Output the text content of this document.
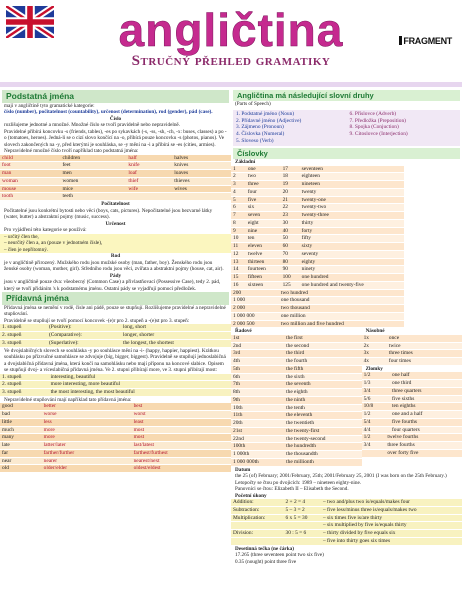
angličtina
Stručný přehled gramatiky
FRAGMENT
Podstatná jména
mají v angličtině tyto gramatické kategorie:
číslo (number), počitatelnost (countability), určenost (determination), rod (gender), pád (case).
Číslo
rozlišujeme jednotné a množné. Množné číslo se tvoří pravidelně nebo nepravidelně.
Pravidelné přibírá koncovku -s (friends, tables), -es po sykavkách (-s, -ss, -sh, -ch, -x: buses, classes) a po -o (tomatoes, heroes). Jedná-li se o cizí slovo končící na -o, přibírá pouze koncovku -s (photos, pianos). Ve slovech zakončených na -y, před kterými je souhláska, se -y mění na -i a přibírá se -es (cities, armies).
Nepravidelné množné číslo tvoří například tato podstatná jména:
child	children	half	halves
foot	feet	knife	knives
man	men	loaf	loaves
woman	women	thief	thieves
mouse	mice	wife	wives
tooth	teeth		
Počitatelnost
Počitatelné jsou konkrétní bytosti nebo věci (boys, cats, pictures). Nepočitatelné jsou bezvarné látky (water, butter) a abstraktní pojmy (music, success).
Určenost
Pro vyjádření této kategorie se používá:
– určitý člen the,
– neurčitý člen a, an (pouze v jednotném čísle),
– člen je nepřítomný.
Rod
je v angličtině přirozený. Mužského rodu jsou mužské osoby (man, father, boy). Ženského rodu jsou ženské osoby (woman, mother, girl). Středního rodu jsou věci, zvířata a abstraktní pojmy (house, cat, air).
Pády
jsou v angličtině pouze dva: všeobecný (Common Case) a přivlastňovací (Possessive Case), tedy 2. pád, který se tvoří přidáním 's k podstatnému jménu. Ostatní pády se vyjadřují pomocí předložek.
Přídavná jména
Přídavná jména se nemění v rodě, čísle ani pádě, pouze se stupňují. Rozlišujeme pravidelné a nepravidelné stupňování.
Pravidelně se stupňují se tvoří pomocí koncovek -(e)r pro 2. stupeň a -(e)st pro 3. stupeň:
1. stupeň	(Positive):	long, short
2. stupeň	(Comparative):	longer, shorter
3. stupeň	(Superlative):	the longest, the shortest
Ve dvojslabičných slovech se souhláska -y po souhlásce mění na -i- (happy, happier, happiest). Krátkou souhlásku po přízvučné samohlásce se zdvojuje (big, bigger, biggest). Pravidelně se stupňují jednoslabičná a dvojslabičná přídavná jména, která končí na samohlásku nebo mají příponu na koncové slabice. Opisem se stupňují dvoj- a víceslabičná přídavná jména. Ve 2. stupni přibírají more, ve 3. stupni přibírají most:
1. stupeň	interesting, beautiful
2. stupeň	more interesting, more beautiful
3. stupeň	the most interesting, the most beautiful
Nepravidelné stupňování mají například tato přídavná jména:
good	better	best
bad	worse	worst
little	less	least
much	more	most
many	more	most
late	latter/later	last/latest
far	farther/further	farthest/furthest
near	nearer	nearest/next
old	older/elder	oldest/eldest
Angličtina má následující slovní druhy
(Parts of Speech)
1. Podstatné jméno (Noun)
2. Přídavné jméno (Adjective)
3. Zájmeno (Pronoun)
4. Číslovka (Numeral)
5. Sloveso (Verb)
6. Příslovce (Adverb)
7. Předložka (Preposition)
8. Spojka (Conjuction)
9. Citoslovce (Interjection)
Číslovky
Základní
1	one	17	seventeen
2	two	18	eighteen
3	three	19	nineteen
4	four	20	twenty
5	five	21	twenty-one
6	six	22	twenty-two
7	seven	23	twenty-three
8	eight	30	thirty
9	nine	40	forty
10	ten	50	fifty
11	eleven	60	sixty
12	twelve	70	seventy
13	thirteen	80	eighty
14	fourteen	90	ninety
15	fifteen	100	one hundred
16	sixteen	125	one hundred and twenty-five
200	two hundred
1 000	one thousand
2 000	two thousand
1 000 000	one million
2 000 500	two million and five hundred
Řadové
1st	the first
2nd	the second
3rd	the third
4th	the fourth
5th	the fifth
6th	the sixth
7th	the seventh
8th	the eighth
9th	the ninth
10th	the tenth
11th	the eleventh
20th	the twentieth
21st	the twenty-first
22nd	the twenty-second
100th	the hundredth
1 000th	the thousandth
1 000 000th	the millionth
Násobné
1x	once
2x	twice
3x	three times
4x	four times
Zlomky
1/2	one half
1/3	one third
3/4	three quarters
5/6	five sixths
10/8	ten eighths
1/2	one and a half
5/4	five fourths
4/4	four quarters
1/2	twelve fourths
3/4	three fourths
	over forty five
Datum
the 25 (of) February; 2001/February, 25th; 2001/February 25, 2001 (I was born on the 25th February.)
Letopočty se čtou po dvojicích: 1989 – nineteen eighty-nine.
Panovníci se čtou: Elizabeth II – Elisabeth the Second.
Početní úkony
Addition:	2 + 2 = 4	– two and/plus two is/equals/makes four
Subtraction:	5 – 3 = 2	– five less/minus three is/equals/makes two
Multiplication:	6 x 5 = 30	– six times five is/are thirty
		– six multiplied by five is/equals thirty
Division:	30 : 5 = 6	– thirty divided by five equals six
		– five into thirty goes six times
Desetinná tečka (ne čárka)
17.265 (three seventeen point two six five)
0.35 (nought) point three five
